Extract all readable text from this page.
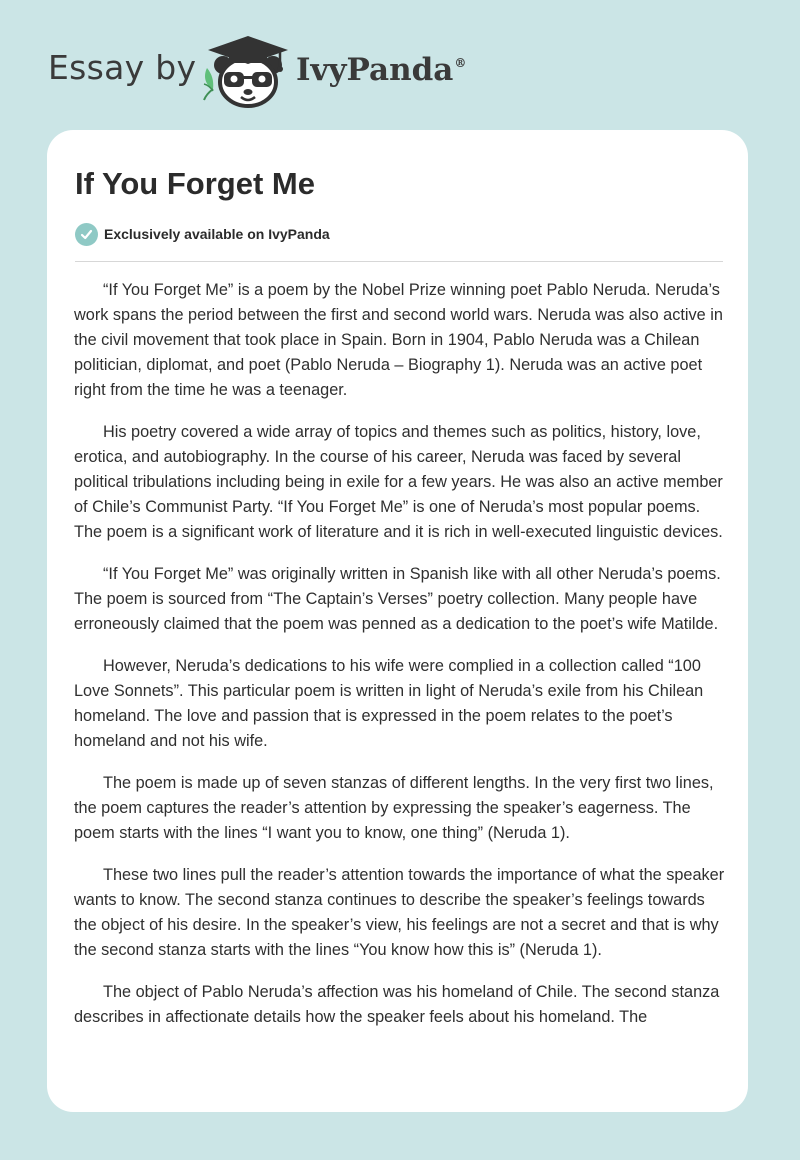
Essay by	IvyPanda®
If You Forget Me
Exclusively available on IvyPanda

“If You Forget Me” is a poem by the Nobel Prize winning poet Pablo Neruda. Neruda’s work spans the period between the first and second world wars. Neruda was also active in the civil movement that took place in Spain. Born in 1904, Pablo Neruda was a Chilean politician, diplomat, and poet (Pablo Neruda – Biography 1). Neruda was an active poet right from the time he was a teenager.

His poetry covered a wide array of topics and themes such as politics, history, love, erotica, and autobiography. In the course of his career, Neruda was faced by several political tribulations including being in exile for a few years. He was also an active member of Chile’s Communist Party. “If You Forget Me” is one of Neruda’s most popular poems. The poem is a significant work of literature and it is rich in well-executed linguistic devices.

“If You Forget Me” was originally written in Spanish like with all other Neruda’s poems. The poem is sourced from “The Captain’s Verses” poetry collection. Many people have erroneously claimed that the poem was penned as a dedication to the poet’s wife Matilde.

However, Neruda’s dedications to his wife were complied in a collection called “100 Love Sonnets”. This particular poem is written in light of Neruda’s exile from his Chilean homeland. The love and passion that is expressed in the poem relates to the poet’s homeland and not his wife.

The poem is made up of seven stanzas of different lengths. In the very first two lines, the poem captures the reader’s attention by expressing the speaker’s eagerness. The poem starts with the lines “I want you to know, one thing” (Neruda 1).

These two lines pull the reader’s attention towards the importance of what the speaker wants to know. The second stanza continues to describe the speaker’s feelings towards the object of his desire. In the speaker’s view, his feelings are not a secret and that is why the second stanza starts with the lines “You know how this is” (Neruda 1).

The object of Pablo Neruda’s affection was his homeland of Chile. The second stanza describes in affectionate details how the speaker feels about his homeland. The
